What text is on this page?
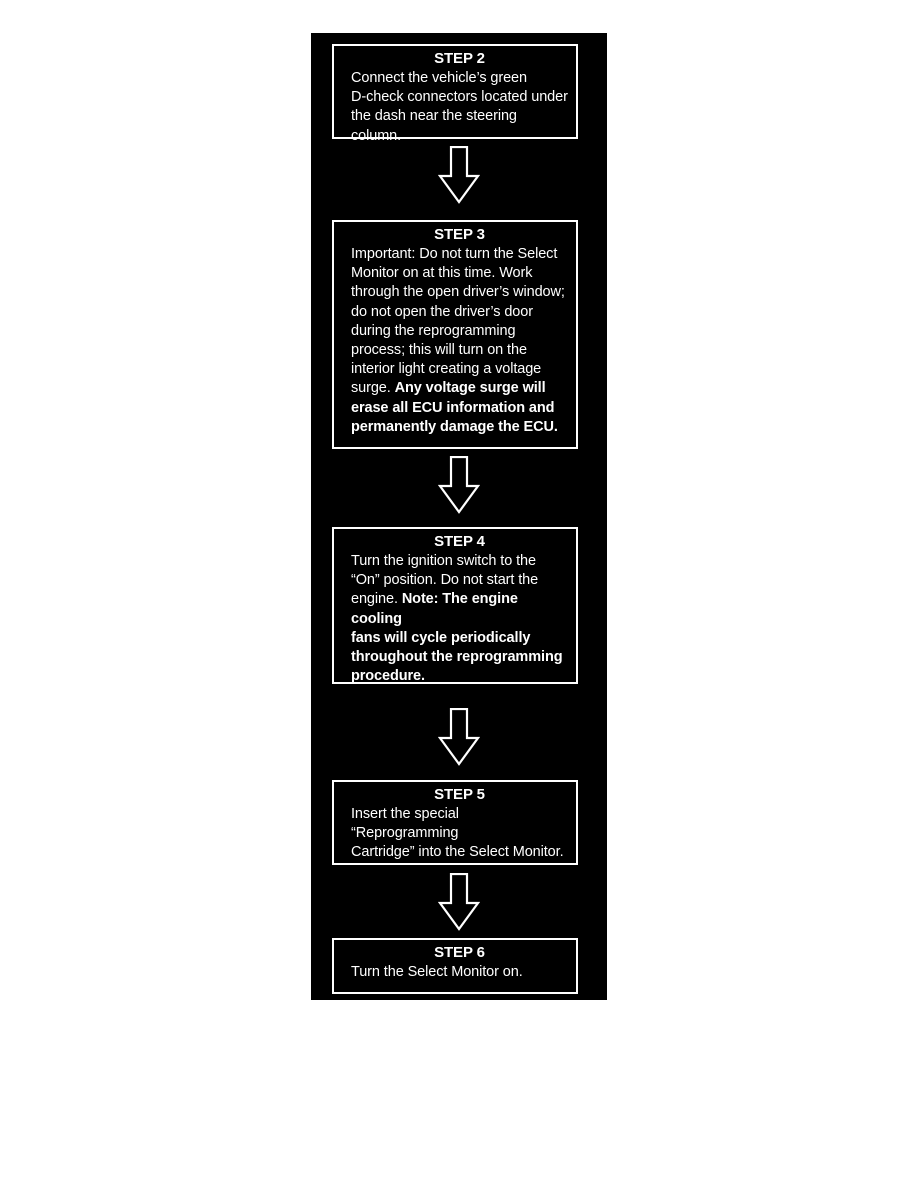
STEP 2
Connect the vehicle’s green
D-check connectors located under
the dash near the steering column.
STEP 3
Important: Do not turn the Select
Monitor on at this time. Work
through the open driver’s window;
do not open the driver’s door
during the reprogramming
process; this will turn on the
interior light creating a voltage
surge. Any voltage surge will
erase all ECU information and
permanently damage the ECU.
STEP 4
Turn the ignition switch to the
“On” position. Do not start the
engine. Note: The engine cooling
fans will cycle periodically
throughout the reprogramming
procedure.
STEP 5
Insert the special “Reprogramming
Cartridge” into the Select Monitor.
STEP 6
Turn the Select Monitor on.
